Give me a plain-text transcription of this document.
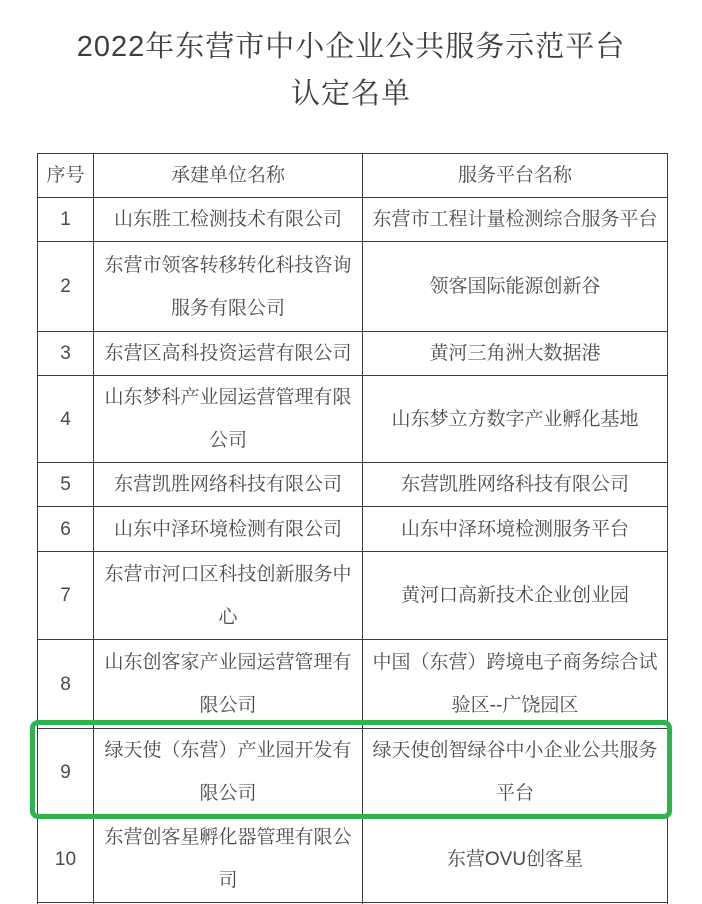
2022年东营市中小企业公共服务示范平台
认定名单
序号	承建单位名称	服务平台名称
1	山东胜工检测技术有限公司	东营市工程计量检测综合服务平台
2	东营市领客转移转化科技咨询服务有限公司	领客国际能源创新谷
3	东营区高科投资运营有限公司	黄河三角洲大数据港
4	山东梦科产业园运营管理有限公司	山东梦立方数字产业孵化基地
5	东营凯胜网络科技有限公司	东营凯胜网络科技有限公司
6	山东中泽环境检测有限公司	山东中泽环境检测服务平台
7	东营市河口区科技创新服务中心	黄河口高新技术企业创业园
8	山东创客家产业园运营管理有限公司	中国（东营）跨境电子商务综合试验区--广饶园区
9	绿天使（东营）产业园开发有限公司	绿天使创智绿谷中小企业公共服务平台
10	东营创客星孵化器管理有限公司	东营OVU创客星
